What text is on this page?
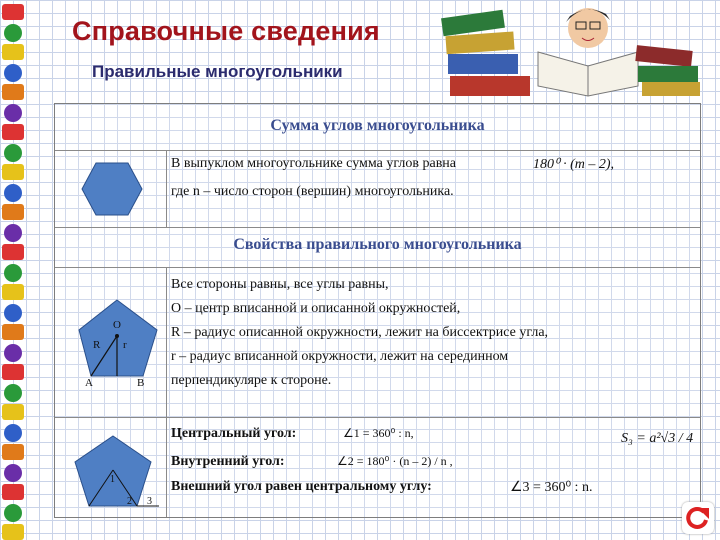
Справочные сведения
Правильные многоугольники
Сумма углов многоугольника
В выпуклом многоугольнике сумма углов равна	180⁰ · (m – 2),
где n – число сторон (вершин) многоугольника.
Свойства правильного многоугольника
O
R r
A	B
Все стороны равны, все углы равны,
О – центр вписанной и описанной окружностей,
R – радиус описанной окружности, лежит на биссектрисе угла,
r – радиус вписанной окружности, лежит на серединном
перпендикуляре к стороне.
1
2 3
Центральный угол:	∠1 = 360⁰ : n,
Внутренний угол:	∠2 = 180⁰ · (n – 2) / n ,
Внешний угол равен центральному углу:	∠3 = 360⁰ : n.
S₃ = a²√3 / 4
